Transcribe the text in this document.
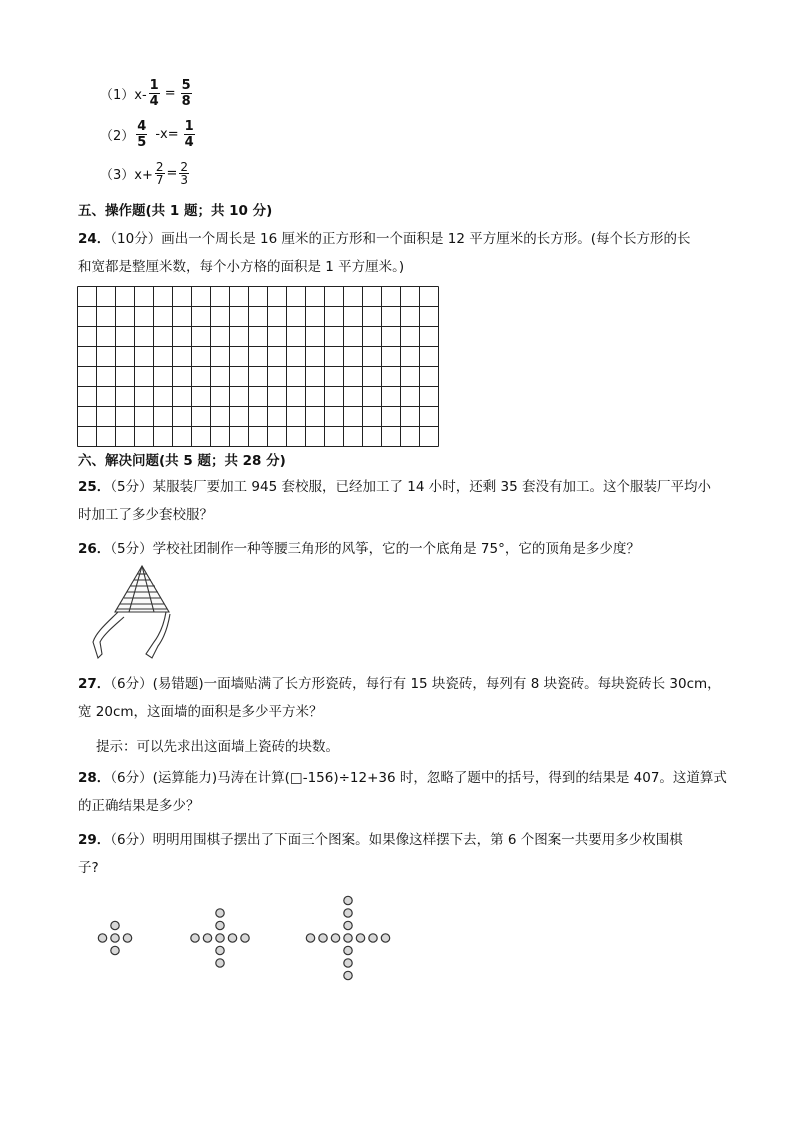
$(1)x- \frac{1}{4} = \frac{5}{8}$
$(2) \frac{4}{5} -x= \frac{1}{4}$
$(3)x+ \frac{2}{7} = \frac{2}{3}$
五、操作题(共 1 题；共 10 分)
24．（10分）画出一个周长是 16 厘米的正方形和一个面积是 12 平方厘米的长方形。(每个长方形的长
和宽都是整厘米数，每个小方格的面积是 1 平方厘米。)
六、解决问题(共 5 题；共 28 分)
25．（5分）某服装厂要加工 945 套校服，已经加工了 14 小时，还剩 35 套没有加工。这个服装厂平均小
时加工了多少套校服？
26．（5分）学校社团制作一种等腰三角形的风筝，它的一个底角是 75°，它的顶角是多少度？
27．（6分）(易错题)一面墙贴满了长方形瓷砖，每行有 15 块瓷砖，每列有 8 块瓷砖。每块瓷砖长 30cm，
宽 20cm，这面墙的面积是多少平方米？
提示：可以先求出这面墙上瓷砖的块数。
28．（6分）(运算能力)马涛在计算(□-156)÷12+36 时，忽略了题中的括号，得到的结果是 407。这道算式
的正确结果是多少？
29．（6分）明明用围棋子摆出了下面三个图案。如果像这样摆下去，第 6 个图案一共要用多少枚围棋
子?
